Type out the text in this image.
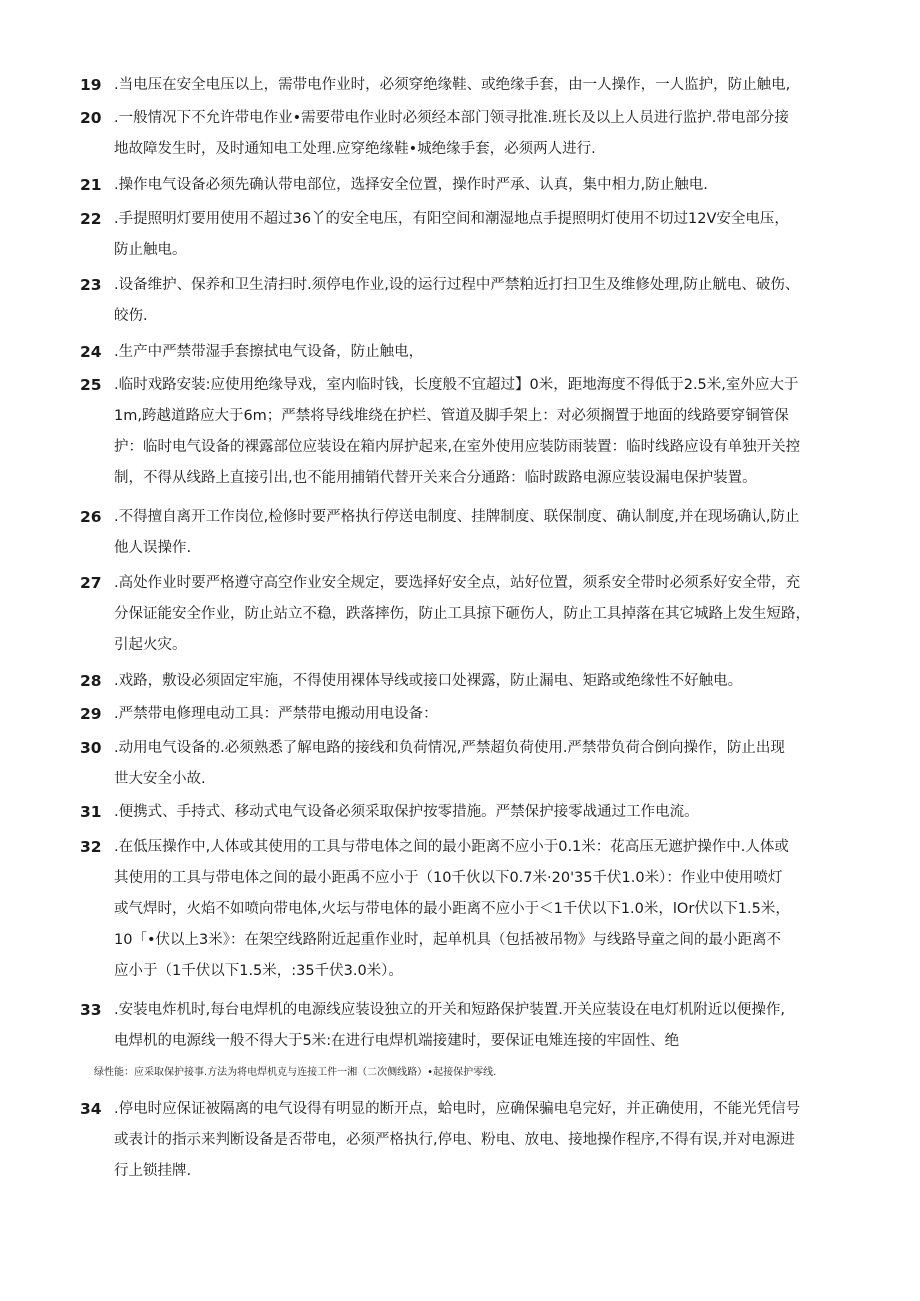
19 .当电压在安全电压以上，需带电作业时，必须穿绝缘鞋、或绝缘手套，由一人操作，一人监护，防止触电,
20 .一般情况下不允许带电作业•需要带电作业时必须经本部门领寻批准.班长及以上人员进行监护.带电部分接
地故障发生时，及时通知电工处理.应穿绝缘鞋•城绝缘手套，必须两人进行.
21 .操作电气设备必须先确认带电部位，选择安全位置，操作时严承、认真，集中相力,防止触电.
22 .手提照明灯要用使用不超过36丫的安全电压，有阳空间和潮湿地点手提照明灯使用不切过12V安全电压，
防止触电。
23 .设备维护、保养和卫生清扫时.须停电作业,设的运行过程中严禁粕近打扫卫生及维修处理,防止觥电、破伤、
皎伤.
24 .生产中严禁带湿手套擦拭电气设备，防止触电，
25 .临时戏路安装:应使用绝缘导戏，室内临时钱，长度般不宜超过】0米，距地海度不得低于2.5米,室外应大于
1m,跨越道路应大于6m；严禁将导线堆绕在护栏、管道及脚手架上：对必须搁置于地面的线路要穿铜管保
护：临时电气设备的裸露部位应装设在箱内屏护起来,在室外使用应装防雨装置：临时线路应设有单独开关控
制，不得从线路上直接引出,也不能用捕销代替开关来合分通路：临时跋路电源应装设漏电保护装置。
26 .不得擅自离开工作岗位,检修时要严格执行停送电制度、挂牌制度、联保制度、确认制度,并在现场确认,防止
他人误操作.
27 .高处作业时要严格遵守高空作业安全规定，要选择好安全点，站好位置，须系安全带时必须系好安全带，充
分保证能安全作业，防止站立不稳，跌落摔伤，防止工具掠下砸伤人，防止工具掉落在其它城路上发生短路，
引起火灾。
28 .戏路，敷设必须固定牢施，不得使用裸体导线或接口处裸露，防止漏电、矩路或绝缘性不好触电。
29 .严禁带电修理电动工具：严禁带电搬动用电设备：
30 .动用电气设备的.必须熟悉了解电路的接线和负荷情况,严禁超负荷使用.严禁带负荷合倒向操作，防止出现
世大安全小故.
31 .便携式、手持式、移动式电气设备必须采取保护按零措施。严禁保护接零战通过工作电流。
32 .在低压操作中,人体或其使用的工具与带电体之间的最小距离不应小于0.1米：花高压无遮护操作中.人体或
其使用的工具与带电体之间的最小距禹不应小于（10千伙以下0.7米·20'35千伏1.0米）：作业中使用喷灯
或气焊时，火焰不如喷向带电体,火坛与带电体的最小距离不应小于＜1千伏以下1.0米，lOr伏以下1.5米，
10「•伏以上3米》：在架空线路附近起重作业时，起单机具（包括被吊物》与线路导童之间的最小距离不
应小于（1千伏以下1.5米，:35千伏3.0米）。
33 .安装电炸机时,每台电焊机的电源线应装设独立的开关和短路保护装置.开关应装设在电灯机附近以便操作,
电焊机的电源线一般不得大于5米:在进行电焊机端接建时，要保证电雉连接的牢固性、绝
绿性能：应采取保护接事.方法为将电焊机克与连接工件一湘（二次侧线路）•起接保护零线.
34 .停电时应保证被隔离的电气设得有明显的断开点，蛤电时，应确保骗电皂完好，并正确使用，不能光凭信号
或表计的指示来判断设备是否带电，必须严格执行,停电、粉电、放电、接地操作程序,不得有误,并对电源进
行上锁挂牌.
